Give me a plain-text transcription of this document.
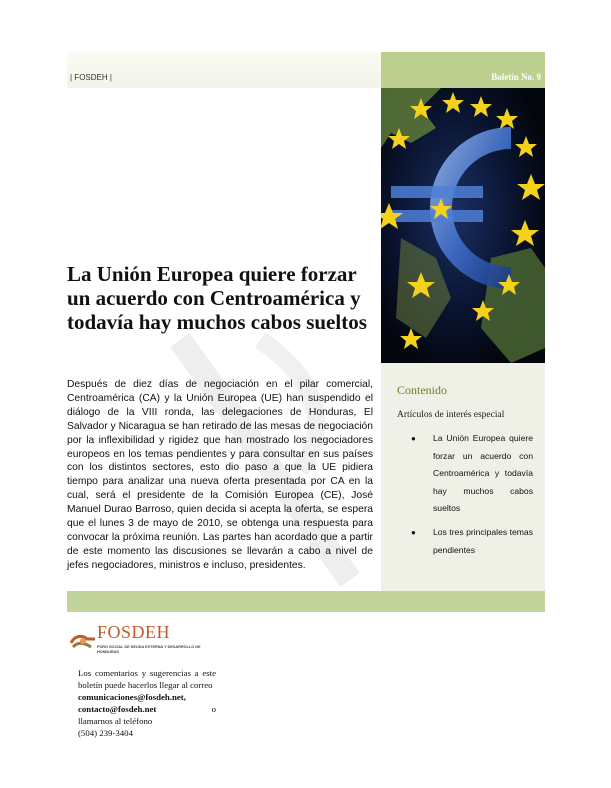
| FOSDEH |	Boletín No. 9
La Unión Europea quiere forzar un acuerdo con Centroamérica y todavía hay muchos cabos sueltos

Después de diez días de negociación en el pilar comercial, Centroamérica (CA) y la Unión Europea (UE) han suspendido el diálogo de la VIII ronda, las delegaciones de Honduras, El Salvador y Nicaragua se han retirado de las mesas de negociación por la inflexibilidad y rigidez que han mostrado los negociadores europeos en los temas pendientes y para consultar en sus países con los distintos sectores, esto dio paso a que la UE pidiera tiempo para analizar una nueva oferta presentada por CA en la cual, será el presidente de la Comisión Europea (CE), José Manuel Durao Barroso, quien decida si acepta la oferta, se espera que el lunes 3 de mayo de 2010, se obtenga una respuesta para convocar la próxima reunión. Las partes han acordado que a partir de este momento las discusiones se llevarán a cabo a nivel de jefes negociadores, ministros e incluso, presidentes.

Contenido
Artículos de interés especial
● La Unión Europea quiere forzar un acuerdo con Centroamérica y todavía hay muchos cabos sueltos
● Los tres principales temas pendientes
FOSDEH
FORO SOCIAL DE DEUDA EXTERNA Y DESARROLLO DE HONDURAS
Los comentarios y sugerencias a este boletín puede hacerlos llegar al correo
comunicaciones@fosdeh.net,
contacto@fosdeh.net	o

llamarnos al teléfono
(504) 239-3404
